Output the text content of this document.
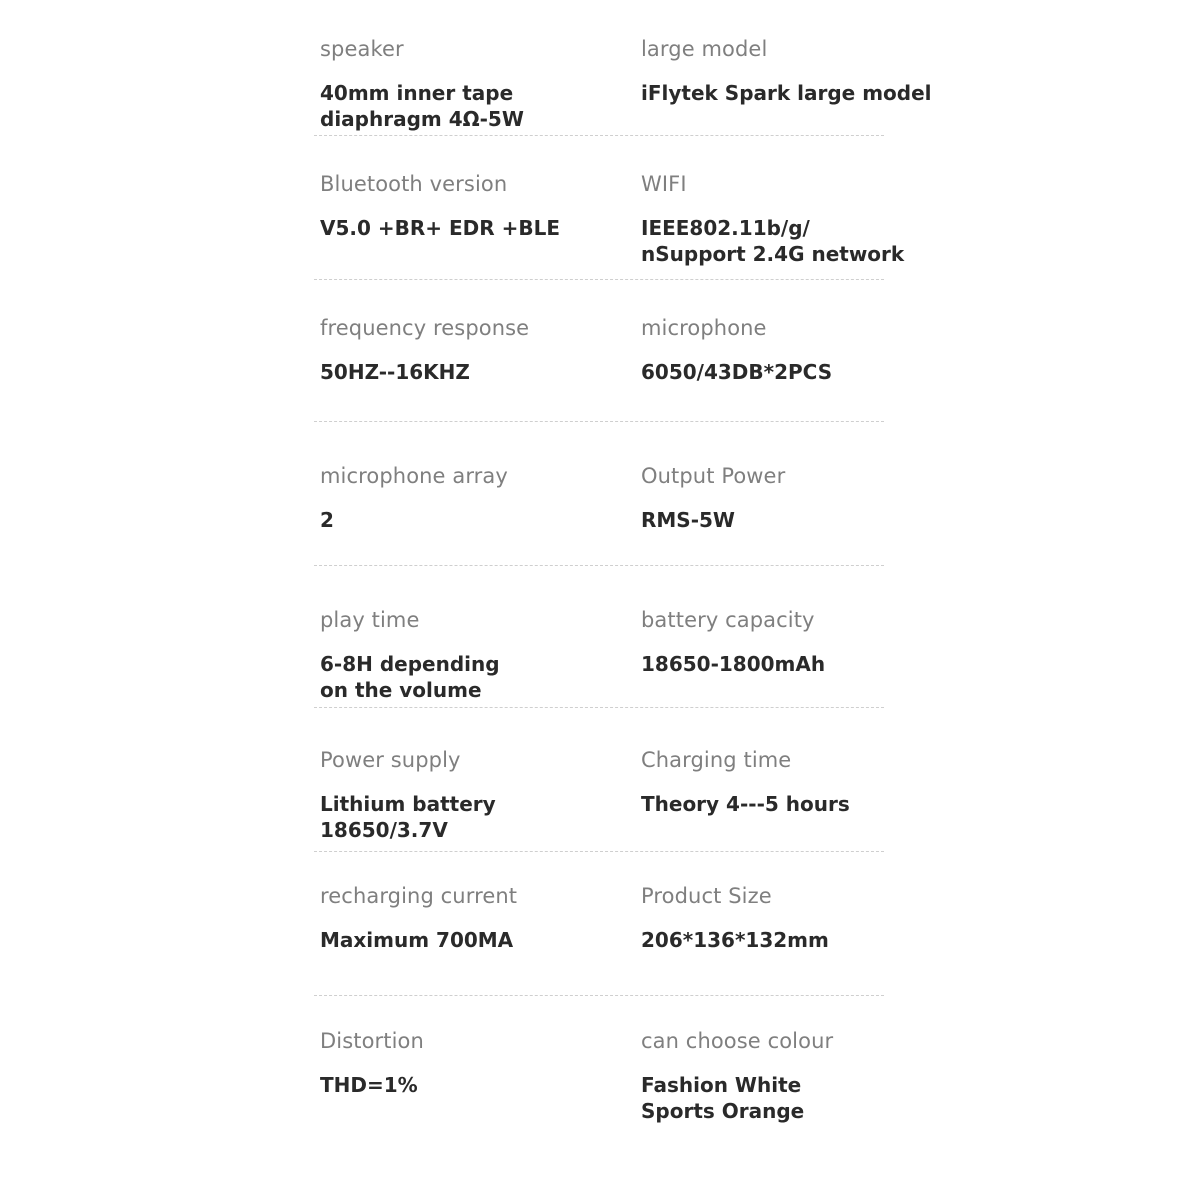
speaker
40mm inner tape
diaphragm 4Ω-5W
large model
iFlytek Spark large model
Bluetooth version
V5.0 +BR+ EDR +BLE
WIFI
IEEE802.11b/g/
nSupport 2.4G network
frequency response
50HZ--16KHZ
microphone
6050/43DB*2PCS
microphone array
2
Output Power
RMS-5W
play time
6-8H depending
on the volume
battery capacity
18650-1800mAh
Power supply
Lithium battery 18650/3.7V
Charging time
Theory 4---5 hours
recharging current
Maximum 700MA
Product Size
206*136*132mm
Distortion
THD=1%
can choose colour
Fashion White
Sports Orange
